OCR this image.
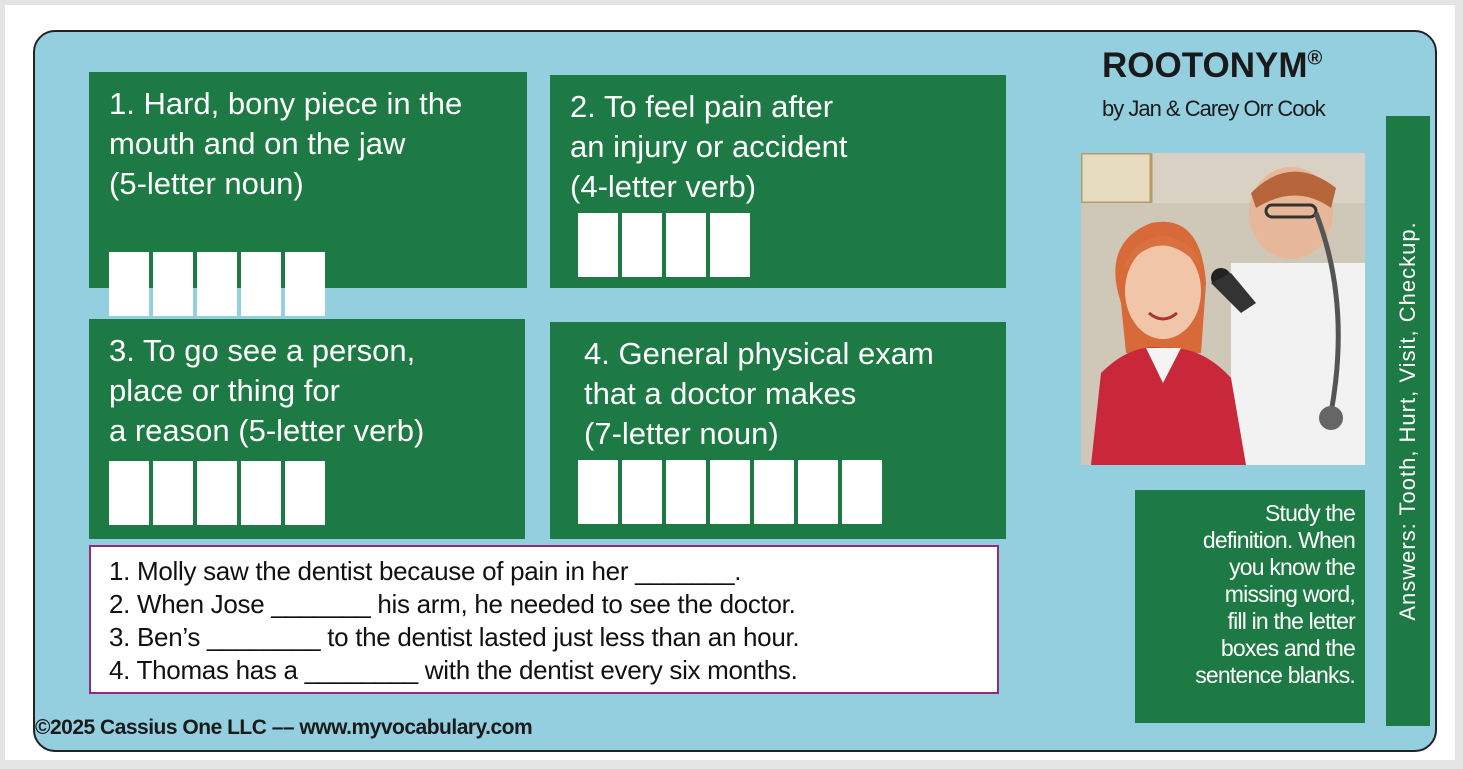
1. Hard, bony piece in the
mouth and on the jaw
(5-letter noun)
2. To feel pain after
an injury or accident
(4-letter verb)
3. To go see a person,
place or thing for
a reason (5-letter verb)
4. General physical exam
that a doctor makes
(7-letter noun)
1. Molly saw the dentist because of pain in her _______.
2. When Jose _______ his arm, he needed to see the doctor.
3. Ben’s ________ to the dentist lasted just less than an hour.
4. Thomas has a ________ with the dentist every six months.
ROOTONYM®
by Jan & Carey Orr Cook
Study the
definition. When
you know the
missing word,
fill in the letter
boxes and the
sentence blanks.
Answers: Tooth, Hurt, Visit, Checkup.
©2025 Cassius One LLC –– www.myvocabulary.com
